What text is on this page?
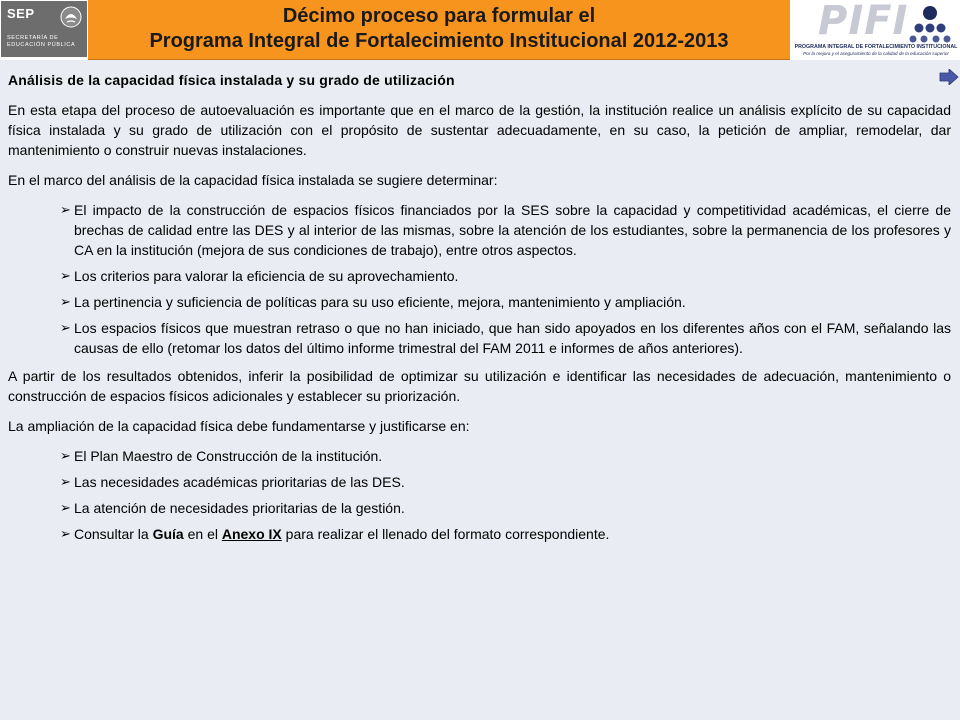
SEP
SECRETARÍA DE EDUCACIÓN PÚBLICA
Décimo proceso para formular el
Programa Integral de Fortalecimiento Institucional 2012-2013	PIFI
PROGRAMA INTEGRAL DE FORTALECIMIENTO INSTITUCIONAL
Por la mejora y el aseguramiento de la calidad de la educación superior
Análisis de la capacidad física instalada y su grado de utilización

En esta etapa del proceso de autoevaluación es importante que en el marco de la gestión, la institución realice un análisis explícito de su capacidad física instalada y su grado de utilización con el propósito de sustentar adecuadamente, en su caso, la petición de ampliar, remodelar, dar mantenimiento o construir nuevas instalaciones.

En el marco del análisis de la capacidad física instalada se sugiere determinar:

➢ El impacto de la construcción de espacios físicos financiados por la SES sobre la capacidad y competitividad académicas, el cierre de brechas de calidad entre las DES y al interior de las mismas, sobre la atención de los estudiantes, sobre la permanencia de los profesores y CA en la institución (mejora de sus condiciones de trabajo), entre otros aspectos.
➢ Los criterios para valorar la eficiencia de su aprovechamiento.
➢ La pertinencia y suficiencia de políticas para su uso eficiente, mejora, mantenimiento y ampliación.
➢ Los espacios físicos que muestran retraso o que no han iniciado, que han sido apoyados en los diferentes años con el FAM, señalando las causas de ello (retomar los datos del último informe trimestral del FAM 2011 e informes de años anteriores).

A partir de los resultados obtenidos, inferir la posibilidad de optimizar su utilización e identificar las necesidades de adecuación, mantenimiento o construcción de espacios físicos adicionales y establecer su priorización.

La ampliación de la capacidad física debe fundamentarse y justificarse en:

➢ El Plan Maestro de Construcción de la institución.
➢ Las necesidades académicas prioritarias de las DES.
➢ La atención de necesidades prioritarias de la gestión.
➢ Consultar la Guía en el Anexo IX para realizar el llenado del formato correspondiente.
